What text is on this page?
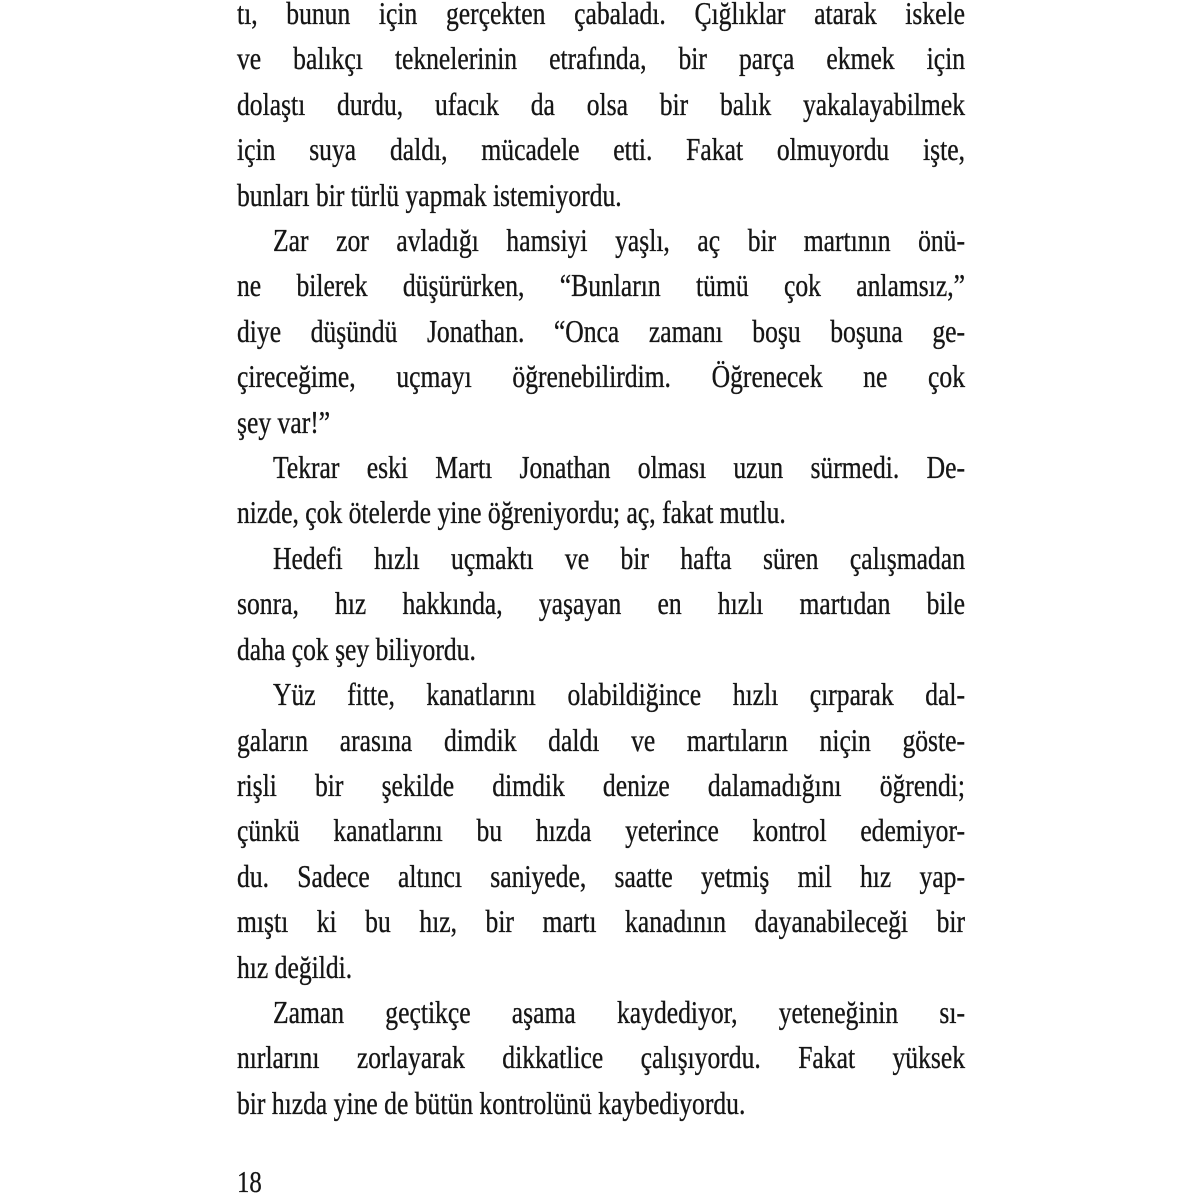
tı, bunun için gerçekten çabaladı. Çığlıklar atarak iskele
ve balıkçı teknelerinin etrafında, bir parça ekmek için
dolaştı durdu, ufacık da olsa bir balık yakalayabilmek
için suya daldı, mücadele etti. Fakat olmuyordu işte,
bunları bir türlü yapmak istemiyordu.
Zar zor avladığı hamsiyi yaşlı, aç bir martının önü-
ne bilerek düşürürken, “Bunların tümü çok anlamsız,”
diye düşündü Jonathan. “Onca zamanı boşu boşuna ge-
çireceğime, uçmayı öğrenebilirdim. Öğrenecek ne çok
şey var!”
Tekrar eski Martı Jonathan olması uzun sürmedi. De-
nizde, çok ötelerde yine öğreniyordu; aç, fakat mutlu.
Hedefi hızlı uçmaktı ve bir hafta süren çalışmadan
sonra, hız hakkında, yaşayan en hızlı martıdan bile
daha çok şey biliyordu.
Yüz fitte, kanatlarını olabildiğince hızlı çırparak dal-
gaların arasına dimdik daldı ve martıların niçin göste-
rişli bir şekilde dimdik denize dalamadığını öğrendi;
çünkü kanatlarını bu hızda yeterince kontrol edemiyor-
du. Sadece altıncı saniyede, saatte yetmiş mil hız yap-
mıştı ki bu hız, bir martı kanadının dayanabileceği bir
hız değildi.
Zaman geçtikçe aşama kaydediyor, yeteneğinin sı-
nırlarını zorlayarak dikkatlice çalışıyordu. Fakat yüksek
bir hızda yine de bütün kontrolünü kaybediyordu.
18
